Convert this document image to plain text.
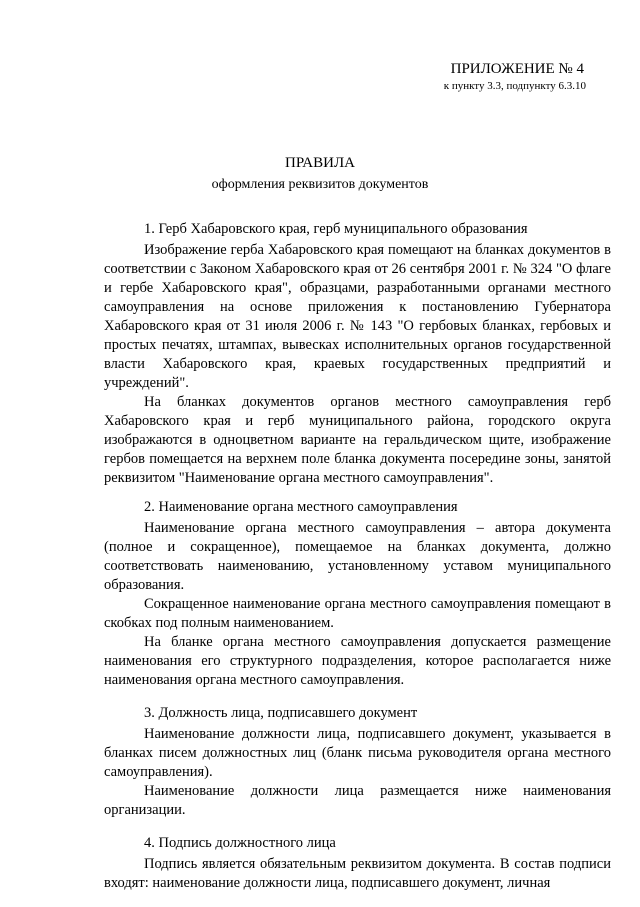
ПРИЛОЖЕНИЕ № 4
к пункту 3.3, подпункту 6.3.10
ПРАВИЛА
оформления реквизитов документов

1. Герб Хабаровского края, герб муниципального образования

Изображение герба Хабаровского края помещают на бланках документов в соответствии с Законом Хабаровского края от 26 сентября 2001 г. № 324 "О флаге и гербе Хабаровского края", образцами, разработанными органами местного самоуправления на основе приложения к постановлению Губернатора Хабаровского края от 31 июля 2006 г. № 143 "О гербовых бланках, гербовых и простых печатях, штампах, вывесках исполнительных органов государственной власти Хабаровского края, краевых государственных предприятий и учреждений".

На бланках документов органов местного самоуправления герб Хабаровского края и герб муниципального района, городского округа изображаются в одноцветном варианте на геральдическом щите, изображение гербов помещается на верхнем поле бланка документа посередине зоны, занятой реквизитом "Наименование органа местного самоуправления".

2. Наименование органа местного самоуправления

Наименование органа местного самоуправления – автора документа (полное и сокращенное), помещаемое на бланках документа, должно соответствовать наименованию, установленному уставом муниципального образования.

Сокращенное наименование органа местного самоуправления помещают в скобках под полным наименованием.

На бланке органа местного самоуправления допускается размещение наименования его структурного подразделения, которое располагается ниже наименования органа местного самоуправления.

3. Должность лица, подписавшего документ

Наименование должности лица, подписавшего документ, указывается в бланках писем должностных лиц (бланк письма руководителя органа местного самоуправления).

Наименование должности лица размещается ниже наименования организации.

4. Подпись должностного лица

Подпись является обязательным реквизитом документа. В состав подписи входят: наименование должности лица, подписавшего документ, личная
